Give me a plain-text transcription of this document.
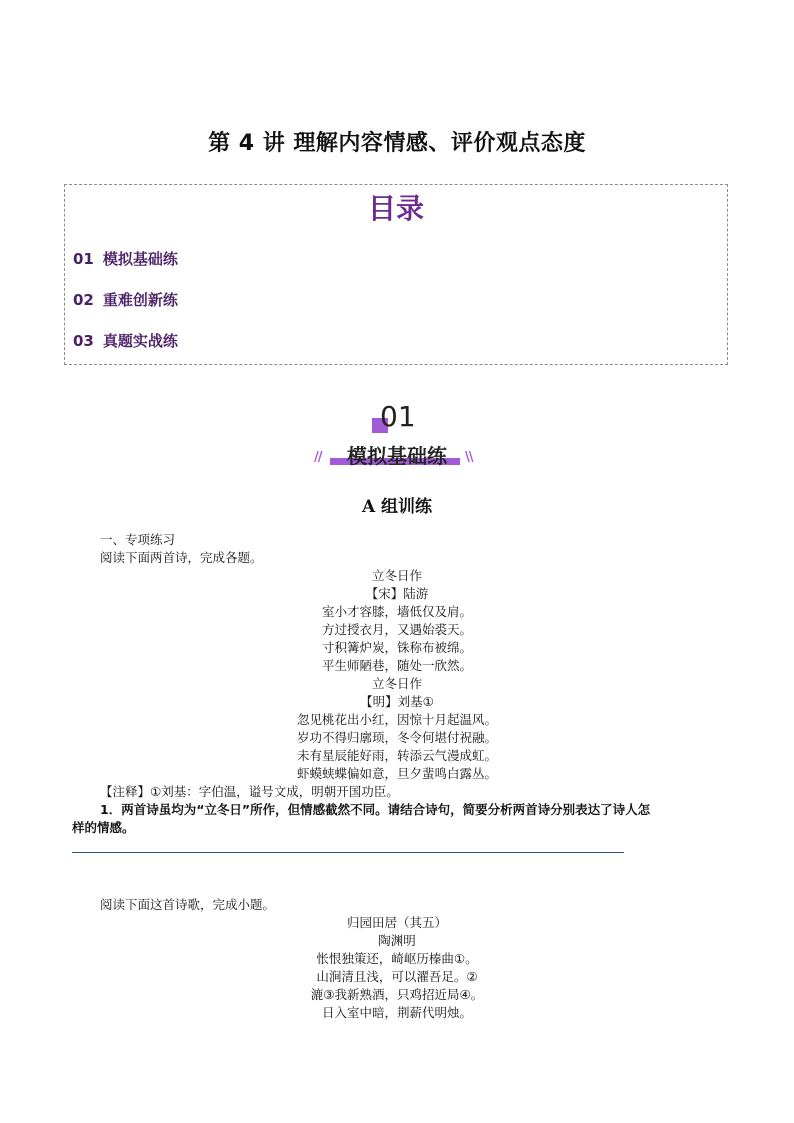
第 4 讲 理解内容情感、评价观点态度
目录
01 模拟基础练
02 重难创新练
03 真题实战练
01
//	模拟基础练	\\
A 组训练
一、专项练习
阅读下面两首诗，完成各题。
立冬日作
【宋】陆游
室小才容膝，墙低仅及肩。
方过授衣月，又遇始裘天。
寸积篝炉炭，铢称布被绵。
平生师陋巷，随处一欣然。
立冬日作
【明】刘基①
忽见桃花出小红，因惊十月起温风。
岁功不得归廓顼，冬令何堪付祝融。
未有星辰能好雨，转添云气漫成虹。
虾蟆蛱蝶偏如意，旦夕蜚鸣白露丛。
【注释】①刘基：字伯温，谥号文成，明朝开国功臣。
1．两首诗虽均为“立冬日”所作，但情感截然不同。请结合诗句，简要分析两首诗分别表达了诗人怎
样的情感。
阅读下面这首诗歌，完成小题。
归园田居（其五）
陶渊明
怅恨独策还，崎岖历榛曲①。
山涧清且浅，可以濯吾足。②
漉③我新熟酒，只鸡招近局④。
日入室中暗，荆薪代明烛。
